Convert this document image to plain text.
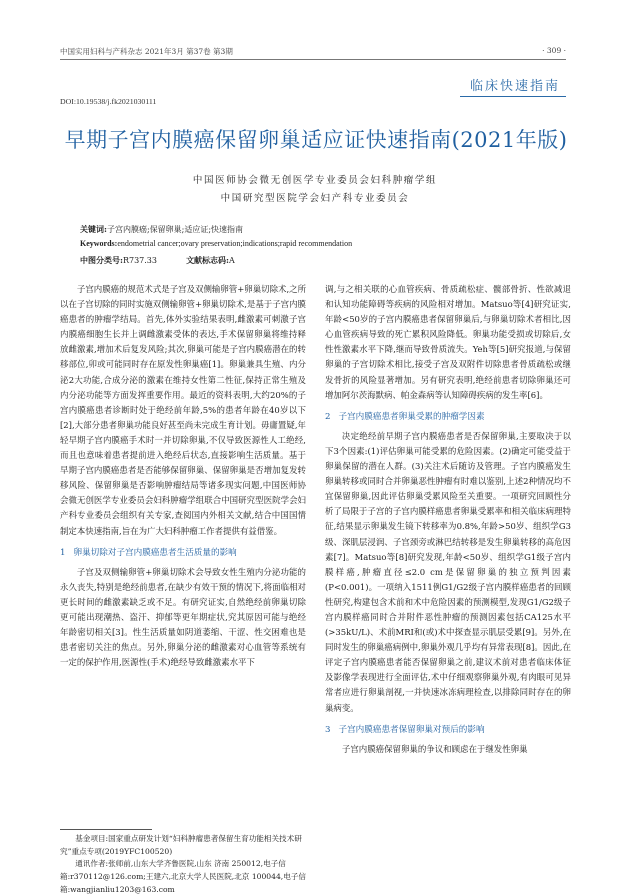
中国实用妇科与产科杂志 2021年3月 第37卷 第3期	· 309 ·
临床快速指南
DOI:10.19538/j.fk2021030111
早期子宫内膜癌保留卵巢适应证快速指南(2021年版)
中国医师协会微无创医学专业委员会妇科肿瘤学组
中国研究型医院学会妇产科专业委员会
关键词:子宫内膜癌;保留卵巢;适应证;快速指南
Keywords:endometrial cancer;ovary preservation;indications;rapid recommendation
中图分类号:R737.33	文献标志码:A

子宫内膜癌的规范术式是子宫及双侧输卵管+卵巢切除术,之所以在子宫切除的同时实施双侧输卵管+卵巢切除术,是基于子宫内膜癌患者的肿瘤学结局。首先,体外实验结果表明,雌激素可刺激子宫内膜癌细胞生长并上调雌激素受体的表达,手术保留卵巢将维持释放雌激素,增加术后复发风险;其次,卵巢可能是子宫内膜癌潜在的转移部位,卯或可能同时存在原发性卵巢癌[1]。卵巢兼具生殖、内分泌2大功能,合成分泌的激素在维持女性第二性征,保持正常生殖及内分泌功能等方面发挥重要作用。最近的资料表明,大约20%的子宫内膜癌患者诊断时处于绝经前年龄,5%的患者年龄在40岁以下[2],大部分患者卵巢功能良好甚至尚未完成生育计划。毋庸置疑,年轻早期子宫内膜癌手术时一并切除卵巢,不仅导致医源性人工绝经,而且也意味着患者提前进入绝经后状态,直接影响生活质量。基于早期子宫内膜癌患者是否能够保留卵巢、保留卵巢是否增加复发转移风险、保留卵巢是否影响肿瘤结局等诸多现实问题,中国医师协会微无创医学专业委员会妇科肿瘤学组联合中国研究型医院学会妇产科专业委员会组织有关专家,查阅国内外相关文献,结合中国国情制定本快速指南,旨在为广大妇科肿瘤工作者提供有益借鉴。

1 卵巢切除对子宫内膜癌患者生活质量的影响

子宫及双侧输卵管+卵巢切除术会导致女性生殖内分泌功能的永久丧失,特别是绝经前患者,在缺少有效干预的情况下,将面临相对更长时间的雌激素缺乏或不足。有研究证实,自然绝经前卵巢切除更可能出现潮热、盗汗、抑郁等更年期症状,究其原因可能与绝经年龄密切相关[3]。性生活质量如阴道萎缩、干涩、性交困难也是患者密切关注的焦点。另外,卵巢分泌的雌激素对心血管等系统有一定的保护作用,医源性(手术)绝经导致雌激素水平下

调,与之相关联的心血管疾病、骨质疏松症、髋部骨折、性欲减退和认知功能障碍等疾病的风险相对增加。Matsuo等[4]研究证实,年龄<50岁的子宫内膜癌患者保留卵巢后,与卵巢切除术者相比,因心血管疾病导致的死亡累积风险降低。卵巢功能受损或切除后,女性性激素水平下降,继而导致骨质流失。Yeh等[5]研究报道,与保留卵巢的子宫切除术相比,接受子宫及双附件切除患者骨质疏松或继发骨折的风险显著增加。另有研究表明,绝经前患者切除卵巢还可增加阿尔茨海默病、帕金森病等认知障碍疾病的发生率[6]。

2 子宫内膜癌患者卵巢受累的肿瘤学因素

决定绝经前早期子宫内膜癌患者是否保留卵巢,主要取决于以下3个因素:(1)评估卵巢可能受累的危险因素。(2)确定可能受益于卵巢保留的潜在人群。(3)关注术后随访及管理。子宫内膜癌发生卵巢转移或同时合并卵巢恶性肿瘤有时难以鉴别,上述2种情况均不宜保留卵巢,因此评估卵巢受累风险至关重要。一项研究回顾性分析了局限于子宫的子宫内膜样癌患者卵巢受累率和相关临床病理特征,结果显示卵巢发生镜下转移率为0.8%,年龄>50岁、组织学G3级、深肌层浸润、子宫颈旁或淋巴结转移是发生卵巢转移的高危因素[7]。Matsuo等[8]研究发现,年龄<50岁、组织学G1级子宫内膜样癌,肿瘤直径≤2.0 cm是保留卵巢的独立预判因素(P<0.001)。一项纳入1511例G1/G2级子宫内膜样癌患者的回顾性研究,构建包含术前和术中危险因素的预测模型,发现G1/G2级子宫内膜样癌同时合并附件恶性肿瘤的预测因素包括CA125水平(>35kU/L)、术前MRI和(或)术中探查显示肌层受累[9]。另外,在同时发生的卵巢癌病例中,卵巢外观几乎均有异常表现[8]。因此,在评定子宫内膜癌患者能否保留卵巢之前,建议术前对患者临床体征及影像学表现进行全面评估,术中仔细观察卵巢外观,有肉眼可见异常者应进行卵巢剖视,一并快速冰冻病理检查,以排除同时存在的卵巢病变。

3 子宫内膜癌患者保留卵巢对预后的影响

子宫内膜癌保留卵巢的争议和顾虑在于继发性卵巢

基金项目:国家重点研发计划“妇科肿瘤患者保留生育功能相关技术研究”重点专项(2019YFC100520)
通讯作者:张师前,山东大学齐鲁医院,山东 济南 250012,电子信箱:r370112@126.com;王建六,北京大学人民医院,北京 100044,电子信箱:wangjianliu1203@163.com
